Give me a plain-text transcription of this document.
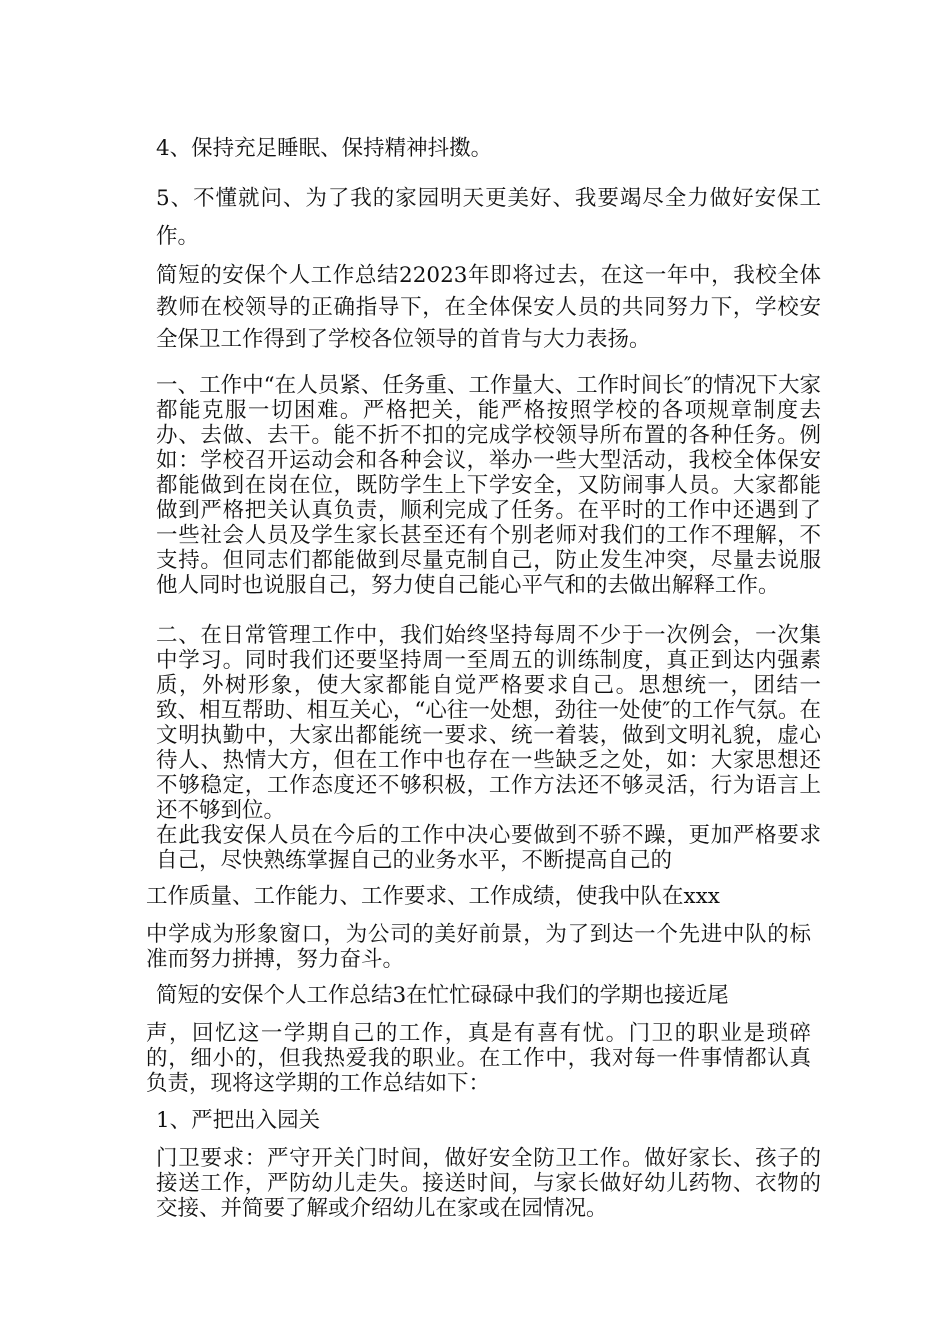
4、保持充足睡眠、保持精神抖擞。

5、不懂就问、为了我的家园明天更美好、我要竭尽全力做好安保工作。

简短的安保个人工作总结22023年即将过去，在这一年中，我校全体教师在校领导的正确指导下，在全体保安人员的共同努力下，学校安全保卫工作得到了学校各位领导的首肯与大力表扬。

一、工作中“在人员紧、任务重、工作量大、工作时间长″的情况下大家都能克服一切困难。严格把关，能严格按照学校的各项规章制度去办、去做、去干。能不折不扣的完成学校领导所布置的各种任务。例如：学校召开运动会和各种会议，举办一些大型活动，我校全体保安都能做到在岗在位，既防学生上下学安全，又防闹事人员。大家都能做到严格把关认真负责，顺利完成了任务。在平时的工作中还遇到了一些社会人员及学生家长甚至还有个别老师对我们的工作不理解，不支持。但同志们都能做到尽量克制自己，防止发生冲突，尽量去说服他人同时也说服自己，努力使自己能心平气和的去做出解释工作。

二、在日常管理工作中，我们始终坚持每周不少于一次例会，一次集中学习。同时我们还要坚持周一至周五的训练制度，真正到达内强素质，外树形象，使大家都能自觉严格要求自己。思想统一，团结一致、相互帮助、相互关心，“心往一处想，劲往一处使″的工作气氛。在文明执勤中，大家出都能统一要求、统一着装，做到文明礼貌，虚心待人、热情大方，但在工作中也存在一些缺乏之处，如：大家思想还不够稳定，工作态度还不够积极，工作方法还不够灵活，行为语言上还不够到位。

在此我安保人员在今后的工作中决心要做到不骄不躁，更加严格要求自己，尽快熟练掌握自己的业务水平，不断提高自己的

工作质量、工作能力、工作要求、工作成绩，使我中队在xxx

中学成为形象窗口，为公司的美好前景，为了到达一个先进中队的标准而努力拼搏，努力奋斗。

简短的安保个人工作总结3在忙忙碌碌中我们的学期也接近尾

声，回忆这一学期自己的工作，真是有喜有忧。门卫的职业是琐碎的，细小的，但我热爱我的职业。在工作中，我对每一件事情都认真负责，现将这学期的工作总结如下：

1、严把出入园关

门卫要求：严守开关门时间，做好安全防卫工作。做好家长、孩子的接送工作，严防幼儿走失。接送时间，与家长做好幼儿药物、衣物的交接、并简要了解或介绍幼儿在家或在园情况。
